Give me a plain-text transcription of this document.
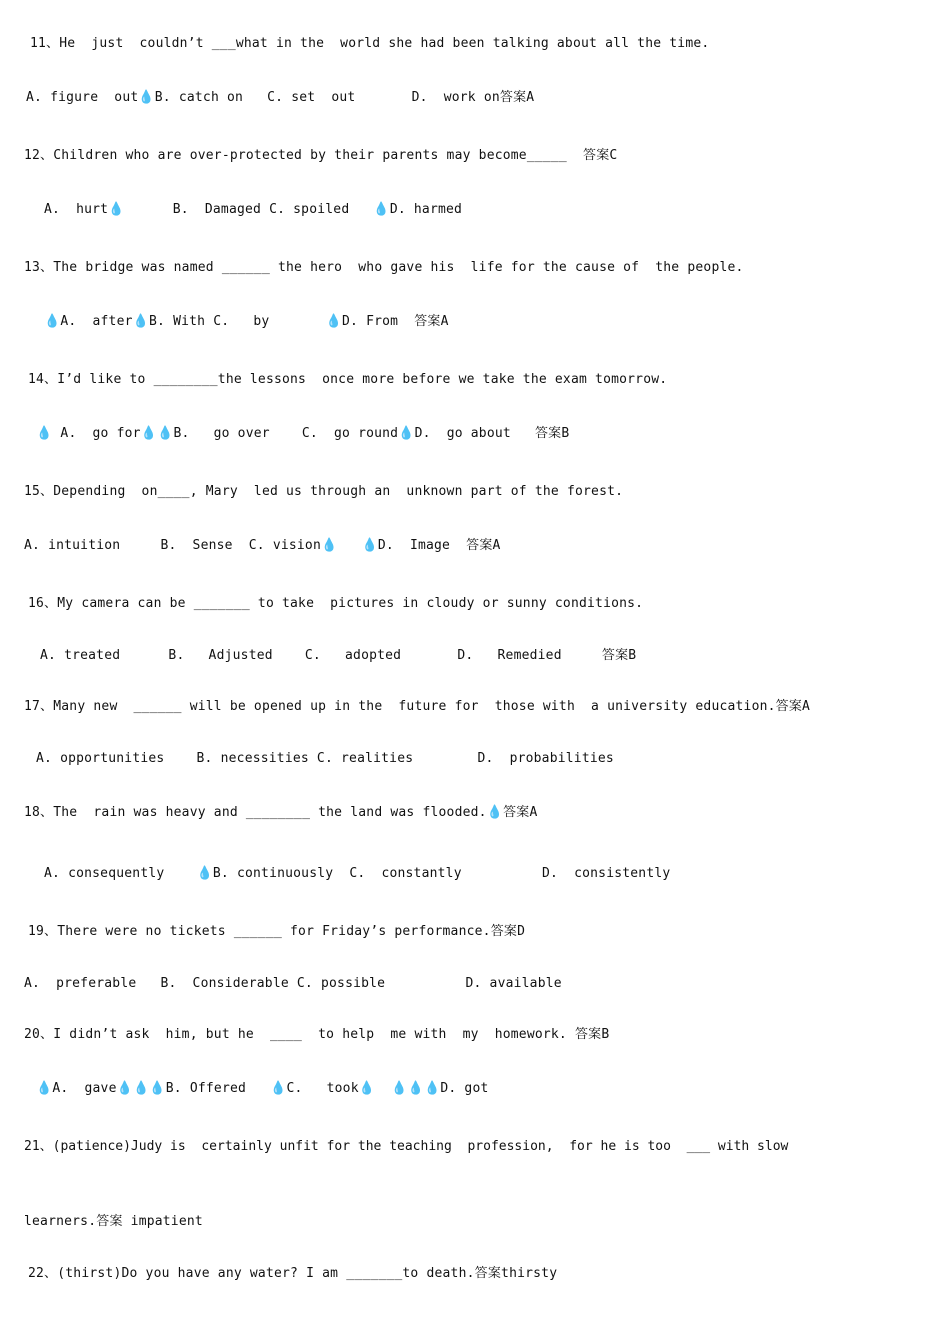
11、He  just  couldn’t ___what in the  world she had been talking about all the time.
A. figure  out💧B. catch on   C. set  out       D.  work on答案A
12、Children who are over-protected by their parents may become_____  答案C
A.  hurt💧      B.  Damaged C. spoiled   💧D. harmed
13、The bridge was named ______ the hero  who gave his  life for the cause of  the people.
💧A.  after💧B. With C.   by       💧D. From  答案A
14、I’d like to ________the lessons  once more before we take the exam tomorrow.
💧 A.  go for💧💧B.   go over    C.  go round💧D.  go about   答案B
15、Depending  on____, Mary  led us through an  unknown part of the forest.
A. intuition     B.  Sense  C. vision💧   💧D.  Image  答案A
16、My camera can be _______ to take  pictures in cloudy or sunny conditions.
A. treated      B.   Adjusted    C.   adopted       D.   Remedied     答案B
17、Many new  ______ will be opened up in the  future for  those with  a university education.答案A
A. opportunities    B. necessities C. realities        D.  probabilities
18、The  rain was heavy and ________ the land was flooded.💧答案A
A. consequently    💧B. continuously  C.  constantly          D.  consistently
19、There were no tickets ______ for Friday’s performance.答案D
A.  preferable   B.  Considerable C. possible          D. available
20、I didn’t ask  him, but he  ____  to help  me with  my  homework. 答案B
💧A.  gave💧💧💧B. Offered   💧C.   took💧  💧💧💧D. got
21、(patience)Judy is  certainly unfit for the teaching  profession,  for he is too  ___ with slow
learners.答案 impatient
22、(thirst)Do you have any water? I am _______to death.答案thirsty
